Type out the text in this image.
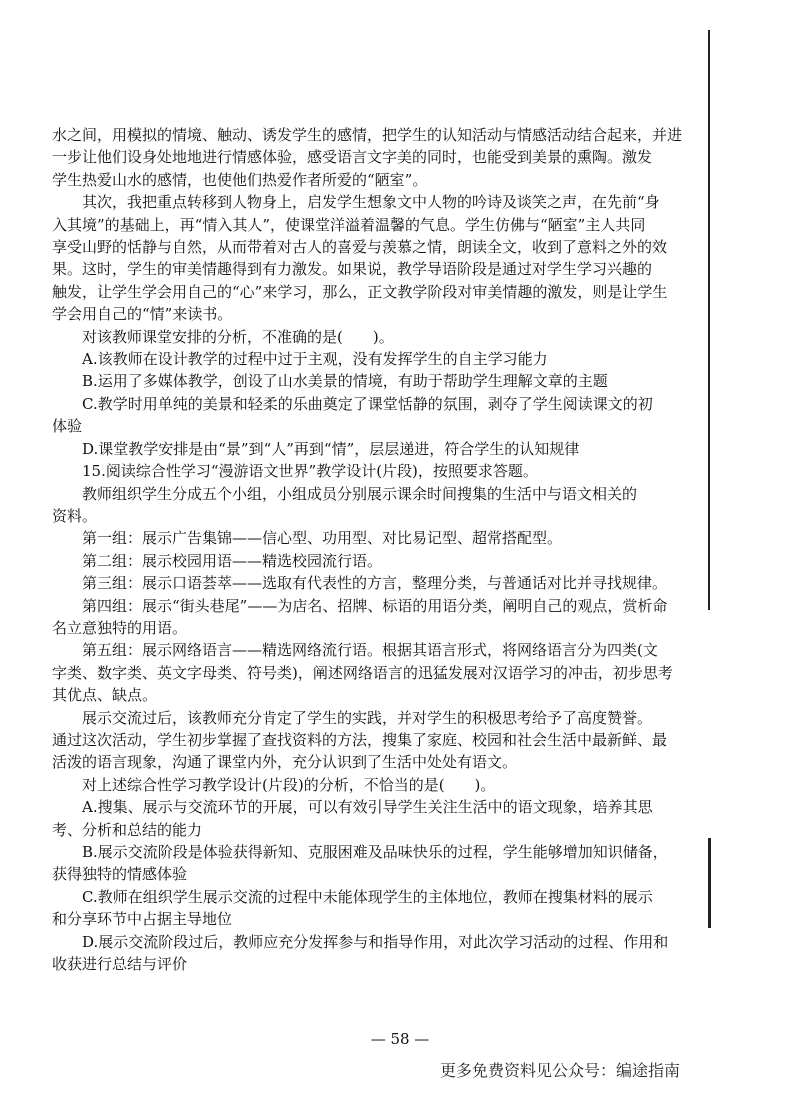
水之间，用模拟的情境、触动、诱发学生的感情，把学生的认知活动与情感活动结合起来，并进
一步让他们设身处地地进行情感体验，感受语言文字美的同时，也能受到美景的熏陶。激发
学生热爱山水的感情，也使他们热爱作者所爱的“陋室”。
其次，我把重点转移到人物身上，启发学生想象文中人物的吟诗及谈笑之声，在先前“身
入其境”的基础上，再“情入其人”，使课堂洋溢着温馨的气息。学生仿佛与“陋室”主人共同
享受山野的恬静与自然，从而带着对古人的喜爱与羡慕之情，朗读全文，收到了意料之外的效
果。这时，学生的审美情趣得到有力激发。如果说，教学导语阶段是通过对学生学习兴趣的
触发，让学生学会用自己的“心”来学习，那么，正文教学阶段对审美情趣的激发，则是让学生
学会用自己的“情”来读书。
对该教师课堂安排的分析，不准确的是(　　)。
A.该教师在设计教学的过程中过于主观，没有发挥学生的自主学习能力
B.运用了多媒体教学，创设了山水美景的情境，有助于帮助学生理解文章的主题
C.教学时用单纯的美景和轻柔的乐曲奠定了课堂恬静的氛围，剥夺了学生阅读课文的初
体验
D.课堂教学安排是由“景”到“人”再到“情”，层层递进，符合学生的认知规律
15.阅读综合性学习“漫游语文世界”教学设计(片段)，按照要求答题。
教师组织学生分成五个小组，小组成员分别展示课余时间搜集的生活中与语文相关的
资料。
第一组：展示广告集锦——信心型、功用型、对比易记型、超常搭配型。
第二组：展示校园用语——精选校园流行语。
第三组：展示口语荟萃——选取有代表性的方言，整理分类，与普通话对比并寻找规律。
第四组：展示“街头巷尾”——为店名、招牌、标语的用语分类，阐明自己的观点，赏析命
名立意独特的用语。
第五组：展示网络语言——精选网络流行语。根据其语言形式，将网络语言分为四类(文
字类、数字类、英文字母类、符号类)，阐述网络语言的迅猛发展对汉语学习的冲击，初步思考
其优点、缺点。
展示交流过后，该教师充分肯定了学生的实践，并对学生的积极思考给予了高度赞誉。
通过这次活动，学生初步掌握了查找资料的方法，搜集了家庭、校园和社会生活中最新鲜、最
活泼的语言现象，沟通了课堂内外，充分认识到了生活中处处有语文。
对上述综合性学习教学设计(片段)的分析，不恰当的是(　　)。
A.搜集、展示与交流环节的开展，可以有效引导学生关注生活中的语文现象，培养其思
考、分析和总结的能力
B.展示交流阶段是体验获得新知、克服困难及品味快乐的过程，学生能够增加知识储备，
获得独特的情感体验
C.教师在组织学生展示交流的过程中未能体现学生的主体地位，教师在搜集材料的展示
和分享环节中占据主导地位
D.展示交流阶段过后，教师应充分发挥参与和指导作用，对此次学习活动的过程、作用和
收获进行总结与评价
— 58 —
更多免费资料见公众号：编途指南
